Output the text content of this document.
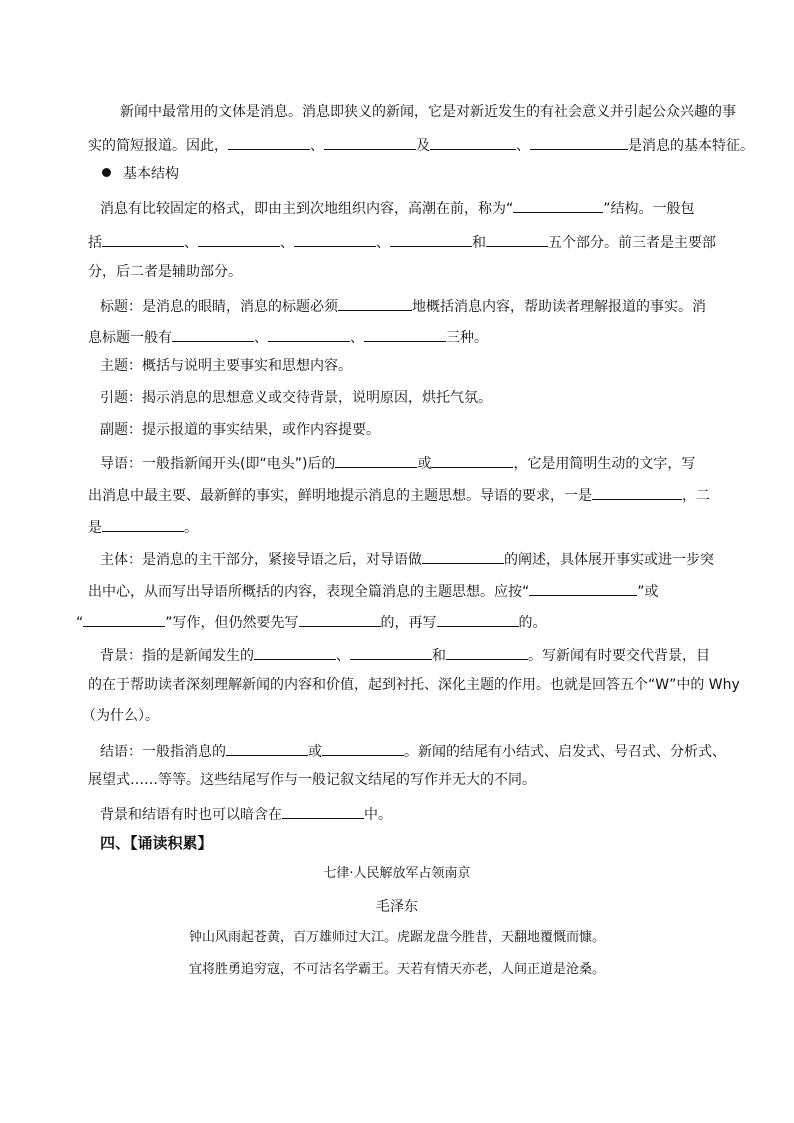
新闻中最常用的文体是消息。消息即狭义的新闻，它是对新近发生的有社会意义并引起公众兴趣的事
实的简短报道。因此，	、	及	、	是消息的基本特征。
基本结构
消息有比较固定的格式，即由主到次地组织内容，高潮在前，称为“	”结构。一般包
括	、	、	、	和	五个部分。前三者是主要部
分，后二者是辅助部分。
标题：是消息的眼睛，消息的标题必须	地概括消息内容，帮助读者理解报道的事实。消
息标题一般有	、	、	三种。
主题：概括与说明主要事实和思想内容。
引题：揭示消息的思想意义或交待背景，说明原因，烘托气氛。
副题：提示报道的事实结果，或作内容提要。
导语：一般指新闻开头(即“电头”)后的	或	，它是用简明生动的文字，写
出消息中最主要、最新鲜的事实，鲜明地提示消息的主题思想。导语的要求，一是	，二
是	。
主体：是消息的主干部分，紧接导语之后，对导语做	的阐述，具体展开事实或进一步突
出中心，从而写出导语所概括的内容，表现全篇消息的主题思想。应按“	”或
“	”写作，但仍然要先写	的，再写	的。
背景：指的是新闻发生的	、	和	。写新闻有时要交代背景，目
的在于帮助读者深刻理解新闻的内容和价值，起到衬托、深化主题的作用。也就是回答五个“W”中的 Why
（为什么）。
结语：一般指消息的	或	。新闻的结尾有小结式、启发式、号召式、分析式、
展望式……等等。这些结尾写作与一般记叙文结尾的写作并无大的不同。
背景和结语有时也可以暗含在	中。
四、【诵读积累】
七律·人民解放军占领南京
毛泽东
钟山风雨起苍黄，百万雄师过大江。虎踞龙盘今胜昔，天翻地覆慨而慷。
宜将胜勇追穷寇，不可沽名学霸王。天若有情天亦老，人间正道是沧桑。
